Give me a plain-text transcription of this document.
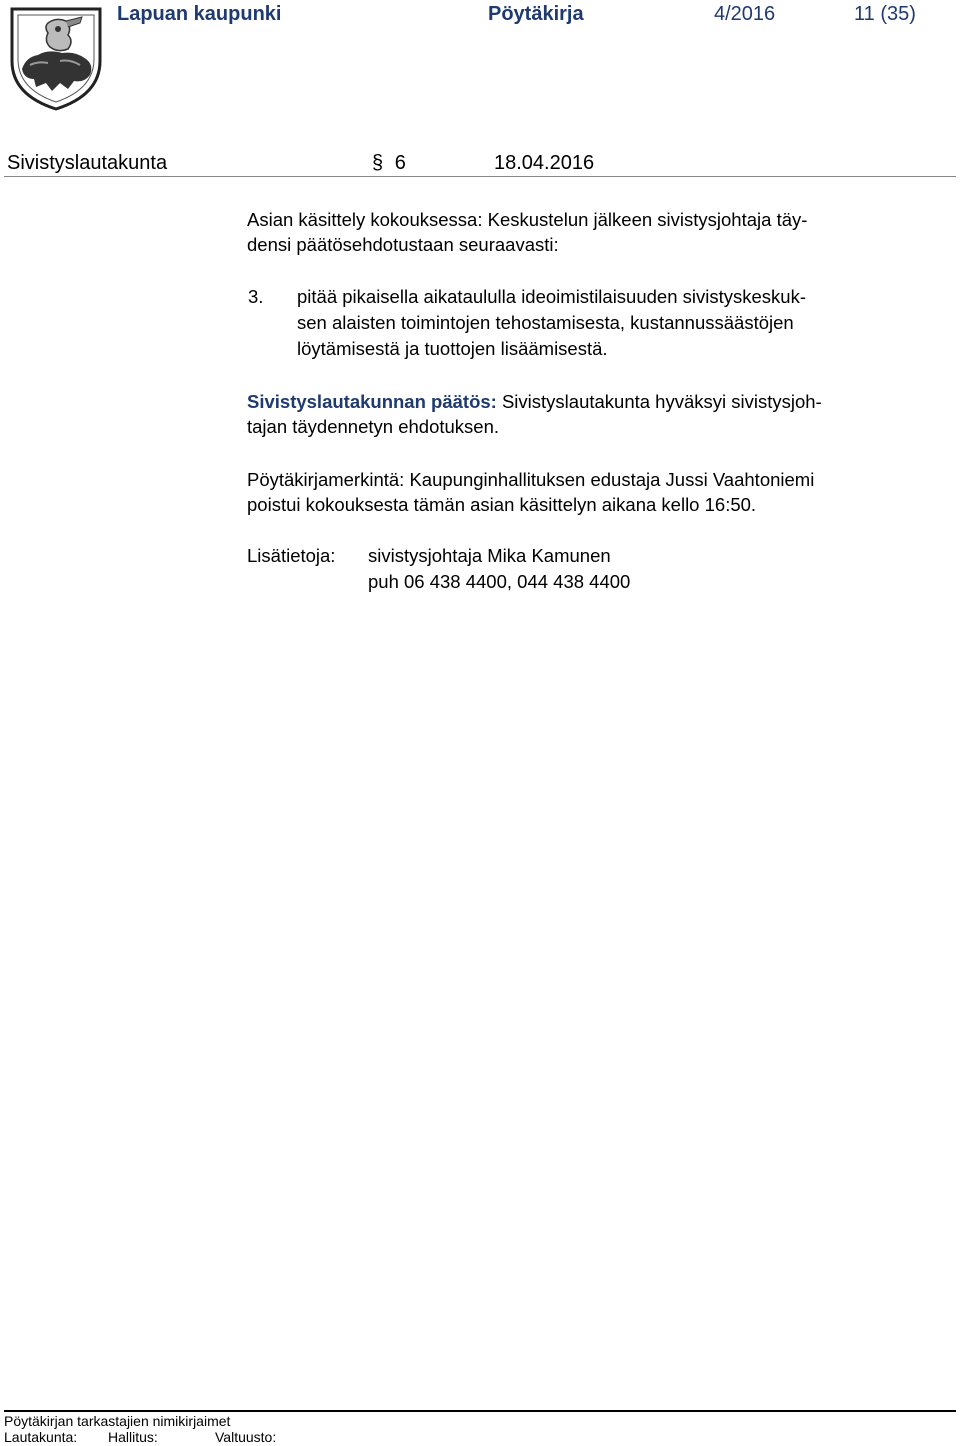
Lapuan kaupunki	Pöytäkirja	4/2016	11 (35)
Sivistyslautakunta	§ 6	18.04.2016
Asian käsittely kokouksessa: Keskustelun jälkeen sivistysjohtaja täy-
densi päätösehdotustaan seuraavasti:
3. pitää pikaisella aikataululla ideoimistilaisuuden sivistyskeskuk-
sen alaisten toimintojen tehostamisesta, kustannussäästöjen
löytämisestä ja tuottojen lisäämisestä.
Sivistyslautakunnan päätös: Sivistyslautakunta hyväksyi sivistysjoh-
tajan täydennetyn ehdotuksen.
Pöytäkirjamerkintä: Kaupunginhallituksen edustaja Jussi Vaahtoniemi
poistui kokouksesta tämän asian käsittelyn aikana kello 16:50.
Lisätietoja: sivistysjohtaja Mika Kamunen
puh 06 438 4400, 044 438 4400
Pöytäkirjan tarkastajien nimikirjaimet
Lautakunta: Hallitus:	Valtuusto:
